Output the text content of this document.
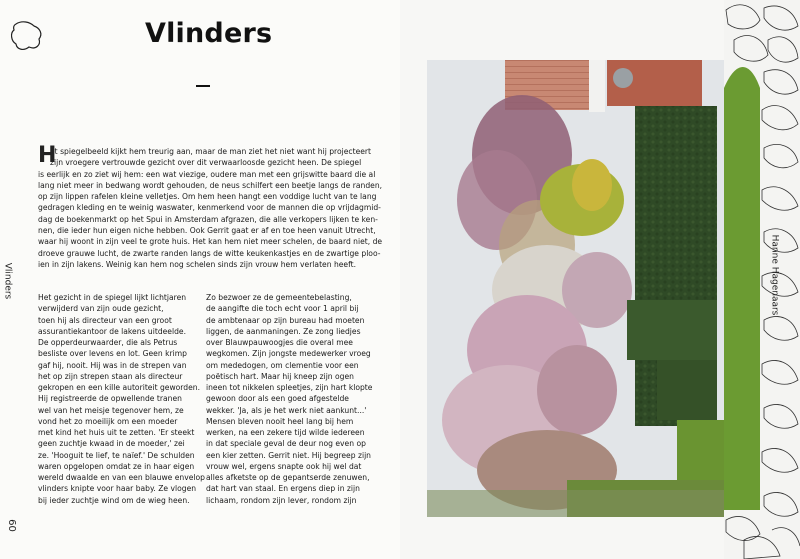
Vlinders
Vlinders
60
et spiegelbeeld kijkt hem treurig aan, maar de man ziet het niet want hij projecteert
zijn vroegere vertrouwde gezicht over dit verwaarloosde gezicht heen. De spiegel
is eerlijk en zo ziet wij hem: een wat viezige, oudere man met een grijswitte baard die al
lang niet meer in bedwang wordt gehouden, de neus schilfert een beetje langs de randen,
op zijn lippen rafelen kleine velletjes. Om hem heen hangt een voddige lucht van te lang
gedragen kleding en te weinig waswater, kenmerkend voor de mannen die op vrijdagmid-
dag de boekenmarkt op het Spui in Amsterdam afgrazen, die alle verkopers lijken te ken-
nen, die ieder hun eigen niche hebben. Ook Gerrit gaat er af en toe heen vanuit Utrecht,
waar hij woont in zijn veel te grote huis. Het kan hem niet meer schelen, de baard niet, de
droeve grauwe lucht, de zwarte randen langs de witte keukenkastjes en de zwartige ploo-
ien in zijn lakens. Weinig kan hem nog schelen sinds zijn vrouw hem verlaten heeft.
H
Het gezicht in de spiegel lijkt lichtjaren
verwijderd van zijn oude gezicht,
toen hij als directeur van een groot
assurantiekantoor de lakens uitdeelde.
De opperdeurwaarder, die als Petrus
besliste over levens en lot. Geen krimp
gaf hij, nooit. Hij was in de strepen van
het op zijn strepen staan als directeur
gekropen en een kille autoriteit geworden.
Hij registreerde de opwellende tranen
wel van het meisje tegenover hem, ze
vond het zo moeilijk om een moeder
met kind het huis uit te zetten. 'Er steekt
geen zuchtje kwaad in de moeder,' zei
ze. 'Hooguit te lief, te naïef.' De schulden
waren opgelopen omdat ze in haar eigen
wereld dwaalde en van een blauwe envelop
vlinders knipte voor haar baby. Ze vlogen
bij ieder zuchtje wind om de wieg heen.
Zo bezwoer ze de gemeentebelasting,
de aangifte die toch echt voor 1 april bij
de ambtenaar op zijn bureau had moeten
liggen, de aanmaningen. Ze zong liedjes
over Blauwpauwoogjes die overal mee
wegkomen. Zijn jongste medewerker vroeg
om mededogen, om clementie voor een
poëtisch hart. Maar hij kneep zijn ogen
ineen tot nikkelen spleetjes, zijn hart klopte
gewoon door als een goed afgestelde
wekker. 'Ja, als je het werk niet aankunt...'
Mensen bleven nooit heel lang bij hem
werken, na een zekere tijd wilde iedereen
in dat speciale geval de deur nog even op
een kier zetten. Gerrit niet. Hij begreep zijn
vrouw wel, ergens snapte ook hij wel dat
alles afketste op de gepantserde zenuwen,
dat hart van staal. En ergens diep in zijn
lichaam, rondom zijn lever, rondom zijn
Hanne Hagenaars
